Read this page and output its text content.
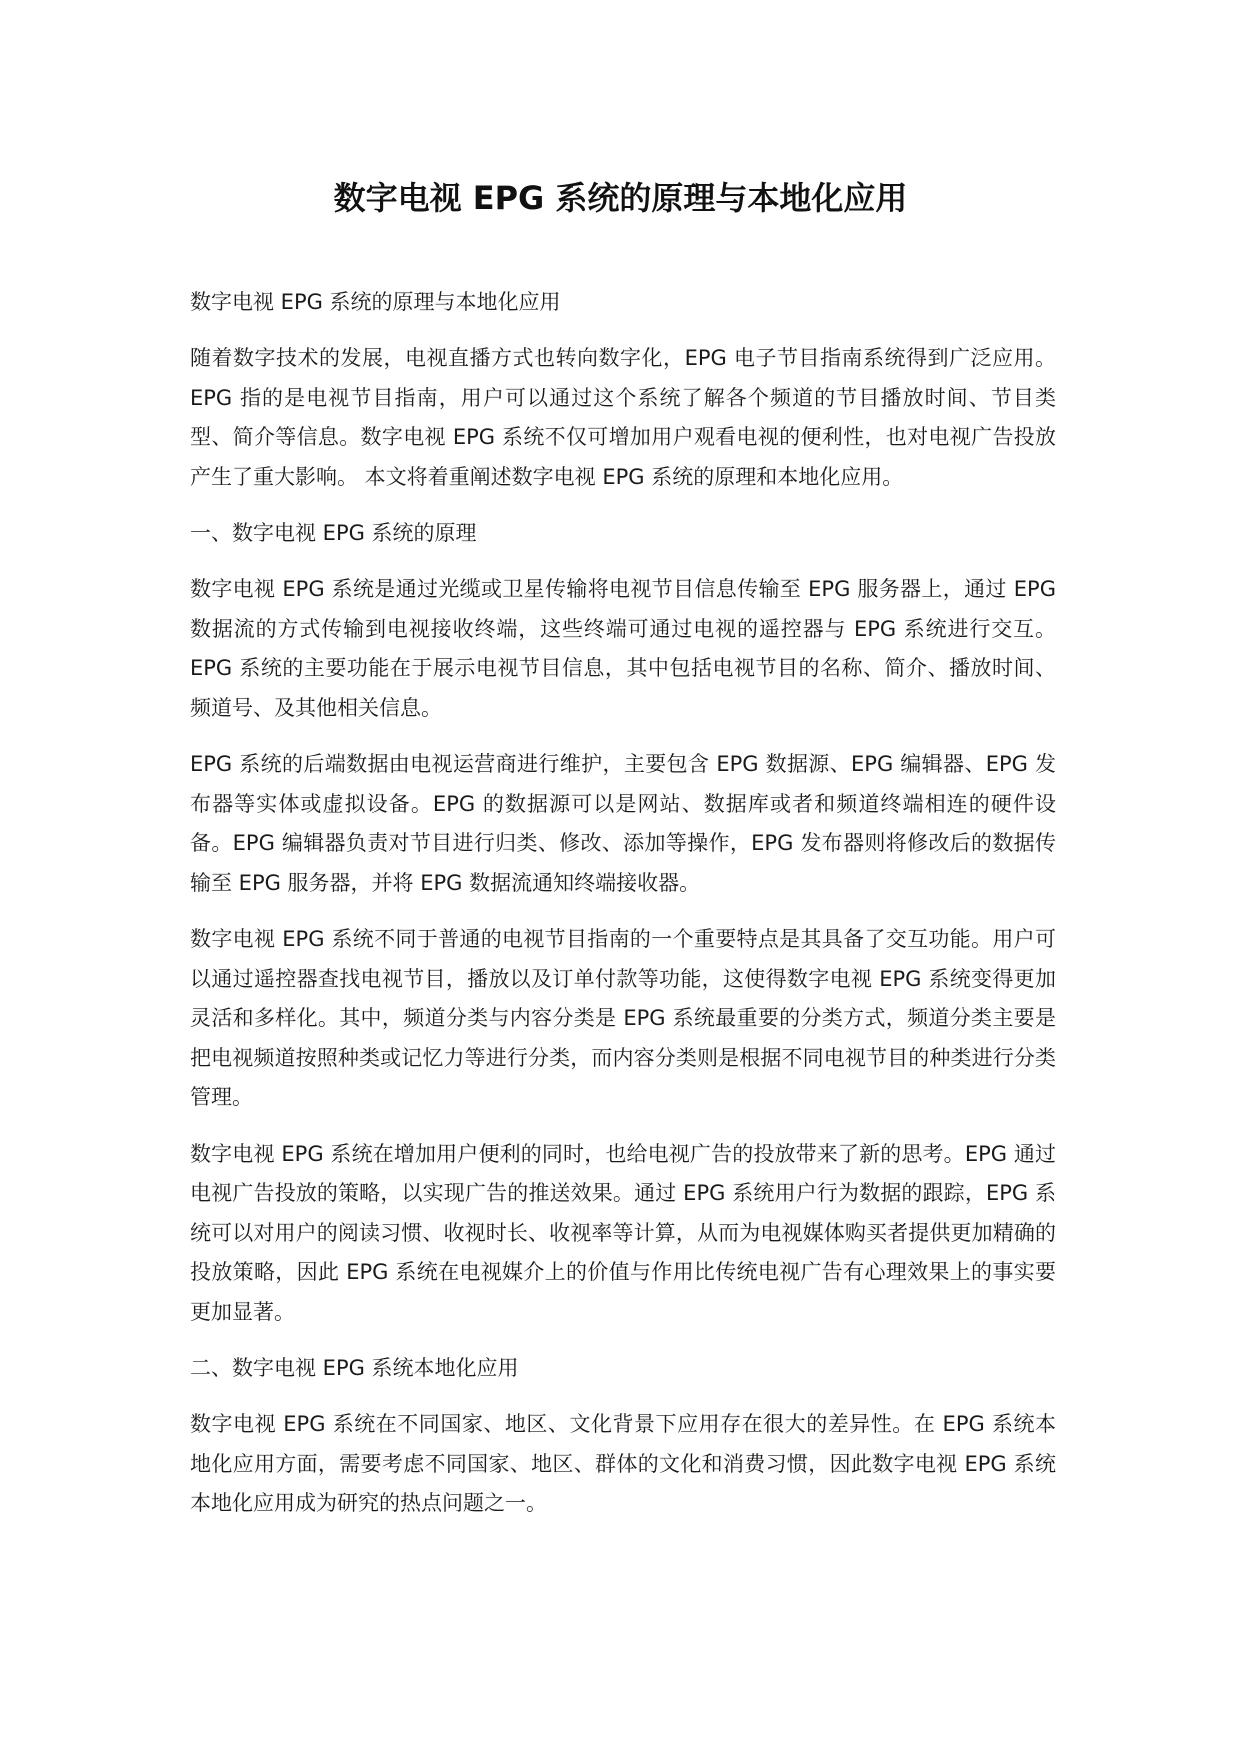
数字电视 EPG 系统的原理与本地化应用
数字电视 EPG 系统的原理与本地化应用
随着数字技术的发展，电视直播方式也转向数字化，EPG 电子节目指南系统得到广泛应用。EPG 指的是电视节目指南，用户可以通过这个系统了解各个频道的节目播放时间、节目类型、简介等信息。数字电视 EPG 系统不仅可增加用户观看电视的便利性，也对电视广告投放产生了重大影响。 本文将着重阐述数字电视 EPG 系统的原理和本地化应用。
一、数字电视 EPG 系统的原理
数字电视 EPG 系统是通过光缆或卫星传输将电视节目信息传输至 EPG 服务器上，通过 EPG 数据流的方式传输到电视接收终端，这些终端可通过电视的遥控器与 EPG 系统进行交互。EPG 系统的主要功能在于展示电视节目信息，其中包括电视节目的名称、简介、播放时间、频道号、及其他相关信息。
EPG 系统的后端数据由电视运营商进行维护，主要包含 EPG 数据源、EPG 编辑器、EPG 发布器等实体或虚拟设备。EPG 的数据源可以是网站、数据库或者和频道终端相连的硬件设备。EPG 编辑器负责对节目进行归类、修改、添加等操作，EPG 发布器则将修改后的数据传输至 EPG 服务器，并将 EPG 数据流通知终端接收器。
数字电视 EPG 系统不同于普通的电视节目指南的一个重要特点是其具备了交互功能。用户可以通过遥控器查找电视节目，播放以及订单付款等功能，这使得数字电视 EPG 系统变得更加灵活和多样化。其中，频道分类与内容分类是 EPG 系统最重要的分类方式，频道分类主要是把电视频道按照种类或记忆力等进行分类，而内容分类则是根据不同电视节目的种类进行分类管理。
数字电视 EPG 系统在增加用户便利的同时，也给电视广告的投放带来了新的思考。EPG 通过电视广告投放的策略，以实现广告的推送效果。通过 EPG 系统用户行为数据的跟踪，EPG 系统可以对用户的阅读习惯、收视时长、收视率等计算，从而为电视媒体购买者提供更加精确的投放策略，因此 EPG 系统在电视媒介上的价值与作用比传统电视广告有心理效果上的事实要更加显著。
二、数字电视 EPG 系统本地化应用
数字电视 EPG 系统在不同国家、地区、文化背景下应用存在很大的差异性。在 EPG 系统本地化应用方面，需要考虑不同国家、地区、群体的文化和消费习惯，因此数字电视 EPG 系统本地化应用成为研究的热点问题之一。
